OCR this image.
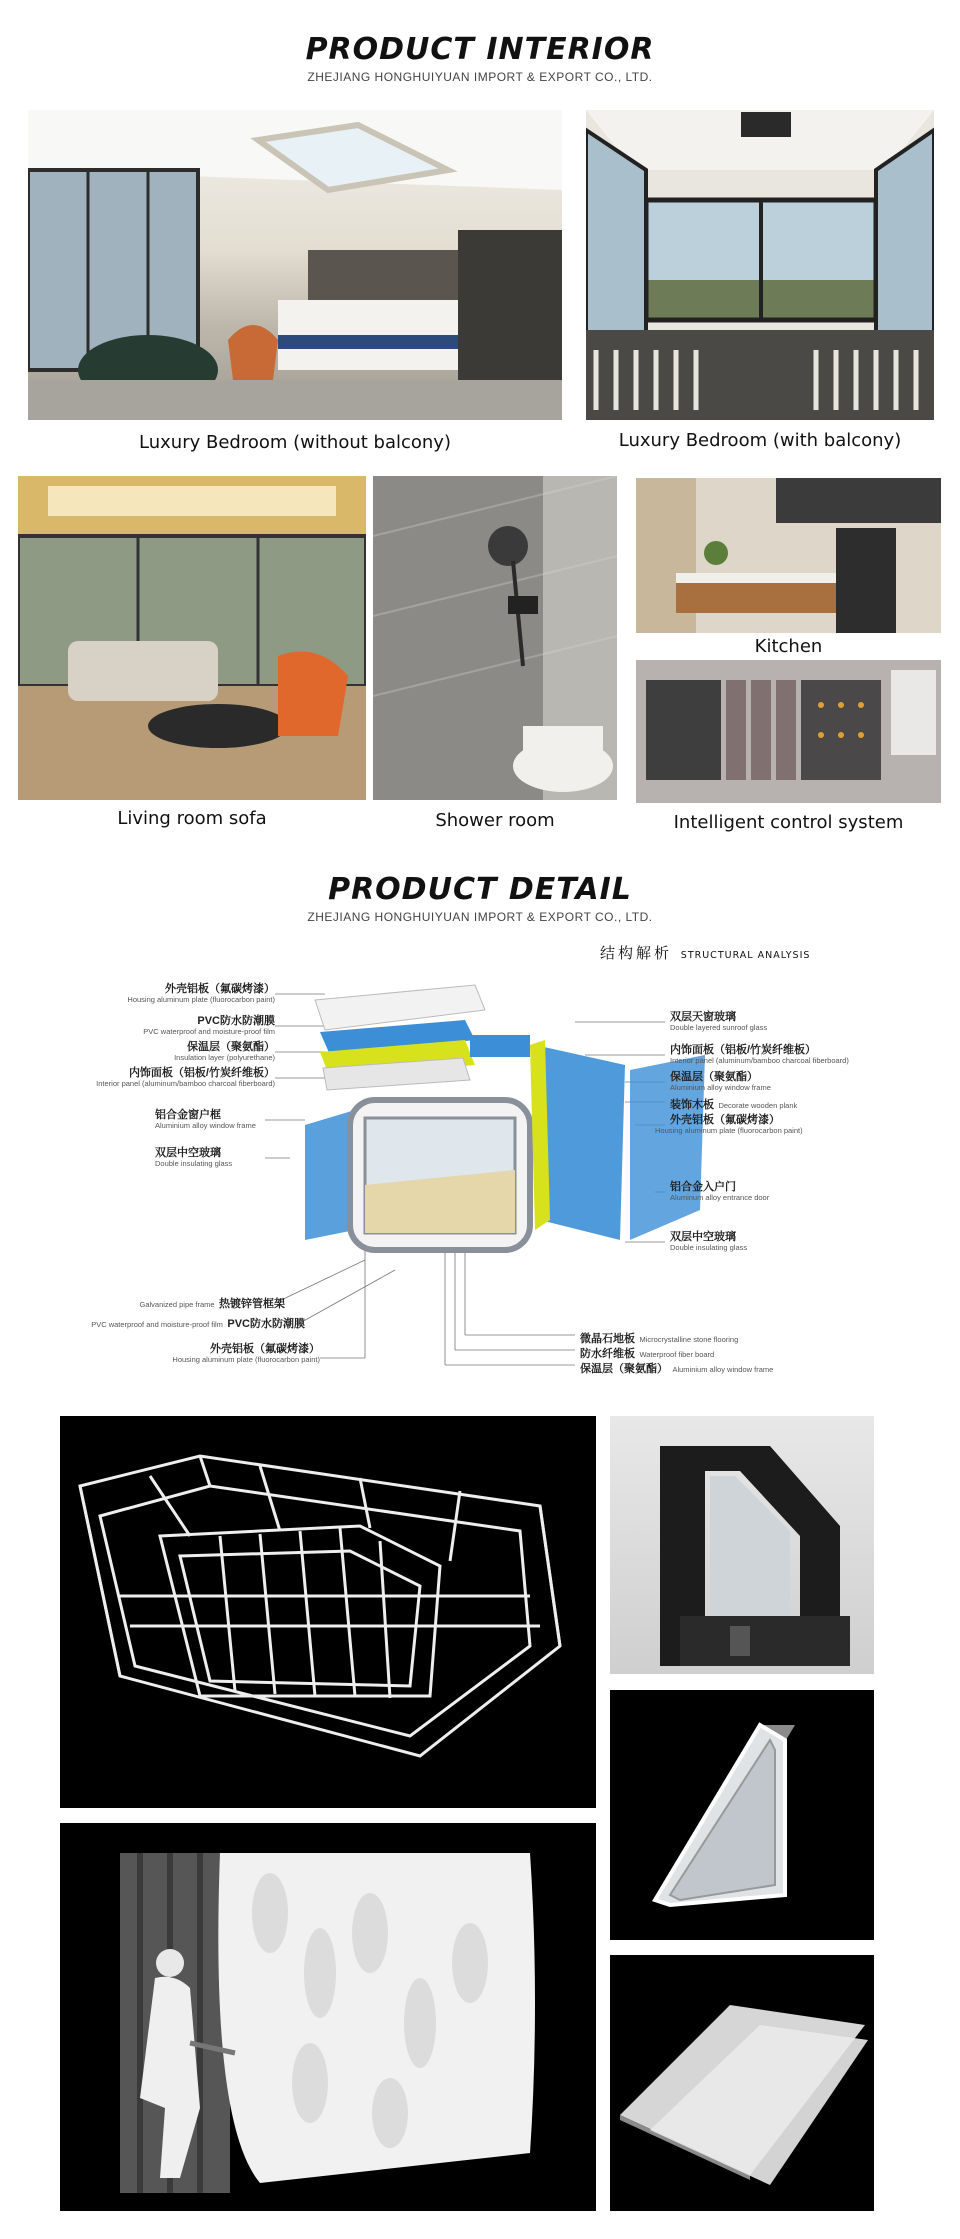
PRODUCT INTERIOR
ZHEJIANG HONGHUIYUAN IMPORT & EXPORT CO., LTD.
Luxury Bedroom (without balcony)	Luxury Bedroom (with balcony)
Living room sofa	Shower room
Kitchen
Intelligent control system
PRODUCT DETAIL
ZHEJIANG HONGHUIYUAN IMPORT & EXPORT CO., LTD.
结构解析 STRUCTURAL ANALYSIS
外壳铝板（氟碳烤漆）
Housing aluminum plate (fluorocarbon paint)
PVC防水防潮膜
PVC waterproof and moisture-proof film
保温层（聚氨酯）
Insulation layer (polyurethane)
内饰面板（铝板/竹炭纤维板）
Interior panel (aluminum/bamboo charcoal fiberboard)
铝合金窗户框
Aluminium alloy window frame
双层中空玻璃
Double insulating glass
Galvanized pipe frame 热镀锌管框架
PVC waterproof and moisture-proof film PVC防水防潮膜
外壳铝板（氟碳烤漆）
Housing aluminum plate (fluorocarbon paint)
双层天窗玻璃
Double layered sunroof glass
内饰面板（铝板/竹炭纤维板）
Interior panel (aluminum/bamboo charcoal fiberboard)
保温层（聚氨酯）
Aluminium alloy window frame
装饰木板 Decorate wooden plank
外壳铝板（氟碳烤漆）
Housing aluminum plate (fluorocarbon paint)
铝合金入户门
Aluminum alloy entrance door
双层中空玻璃
Double insulating glass
微晶石地板 Microcrystalline stone flooring
防水纤维板 Waterproof fiber board
保温层（聚氨酯） Aluminium alloy window frame
